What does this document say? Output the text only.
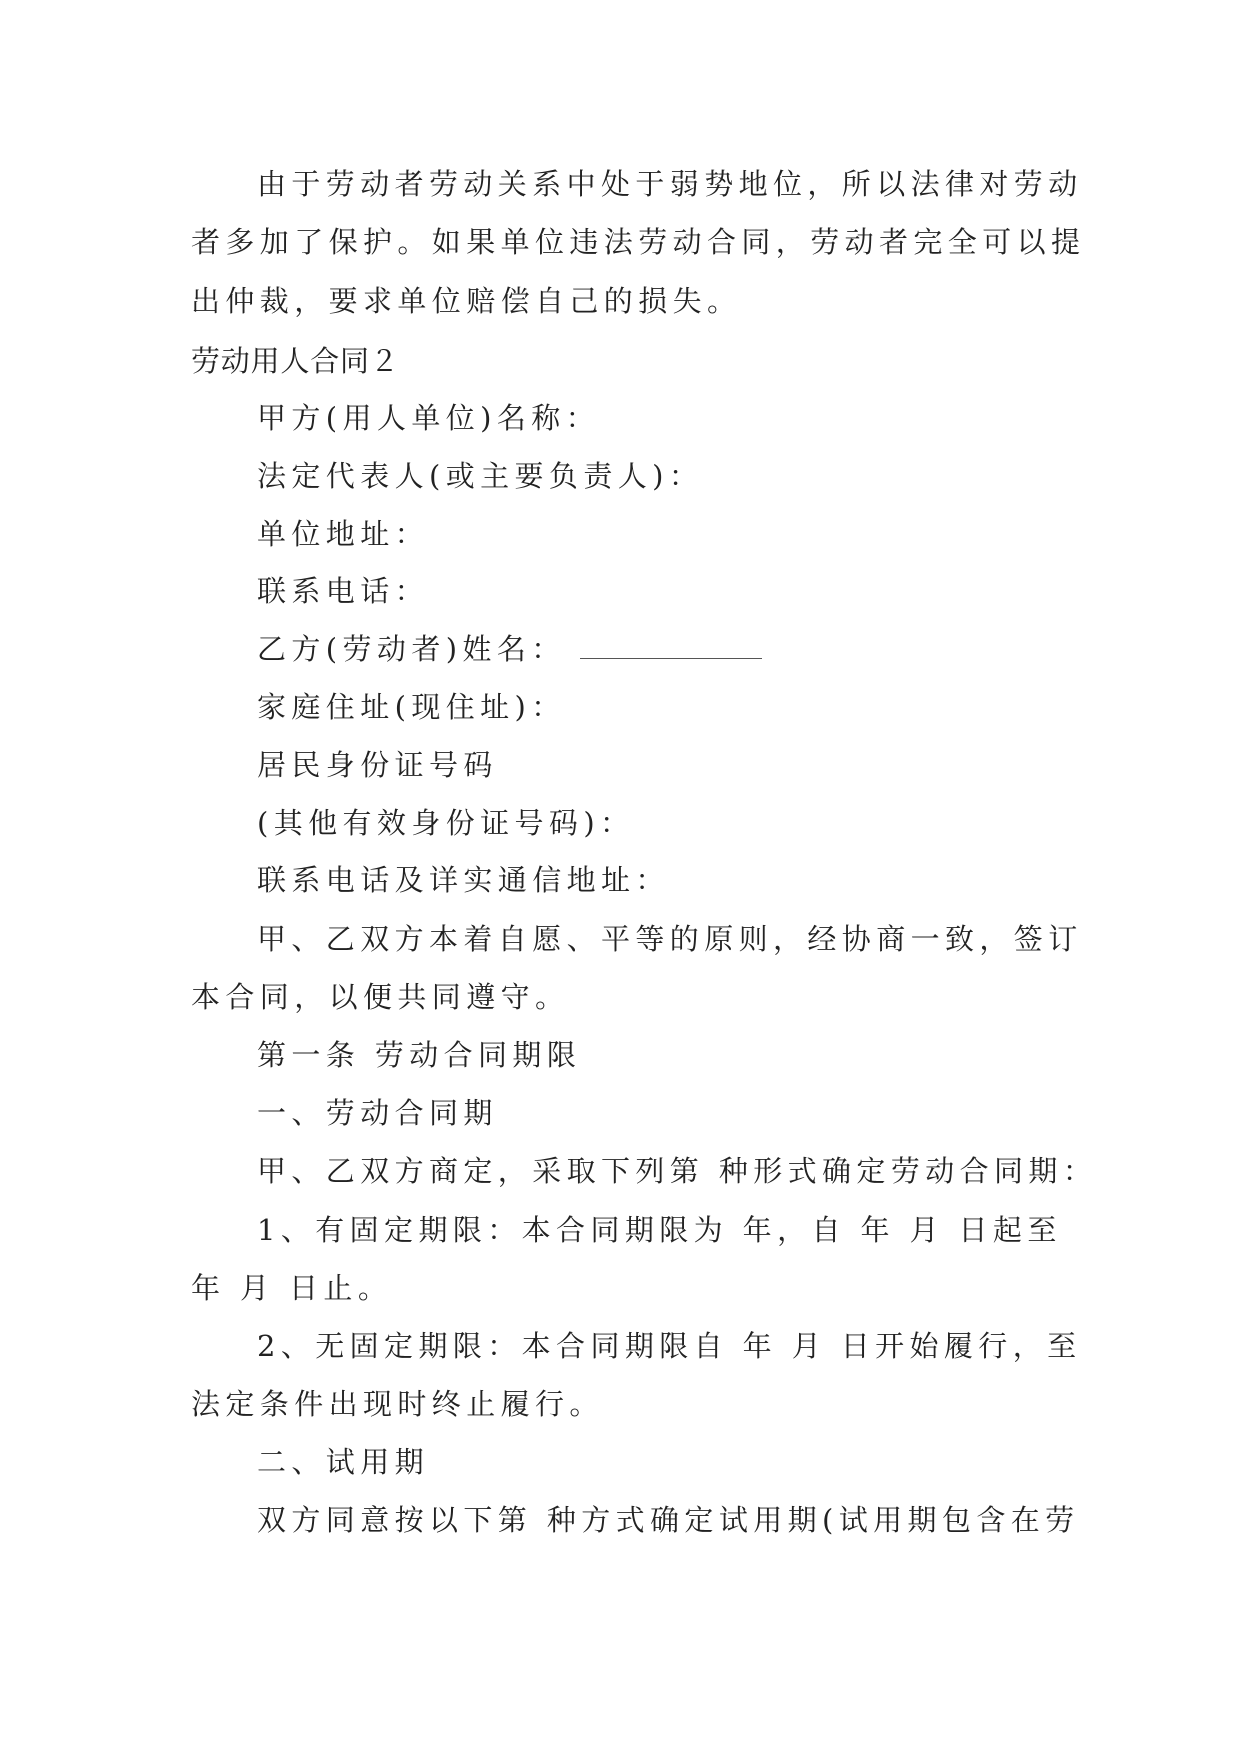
由于劳动者劳动关系中处于弱势地位，所以法律对劳动
者多加了保护。如果单位违法劳动合同，劳动者完全可以提
出仲裁，要求单位赔偿自己的损失。
劳动用人合同２
甲方(用人单位)名称：
法定代表人(或主要负责人)：
单位地址：
联系电话：
乙方(劳动者)姓名：
家庭住址(现住址)：
居民身份证号码
(其他有效身份证号码)：
联系电话及详实通信地址：
甲、乙双方本着自愿、平等的原则，经协商一致，签订
本合同，以便共同遵守。
第一条 劳动合同期限
一、劳动合同期
甲、乙双方商定，采取下列第 种形式确定劳动合同期：
1、有固定期限：本合同期限为 年，自 年 月 日起至
年 月 日止。
2、无固定期限：本合同期限自 年 月 日开始履行，至
法定条件出现时终止履行。
二、试用期
双方同意按以下第 种方式确定试用期(试用期包含在劳
